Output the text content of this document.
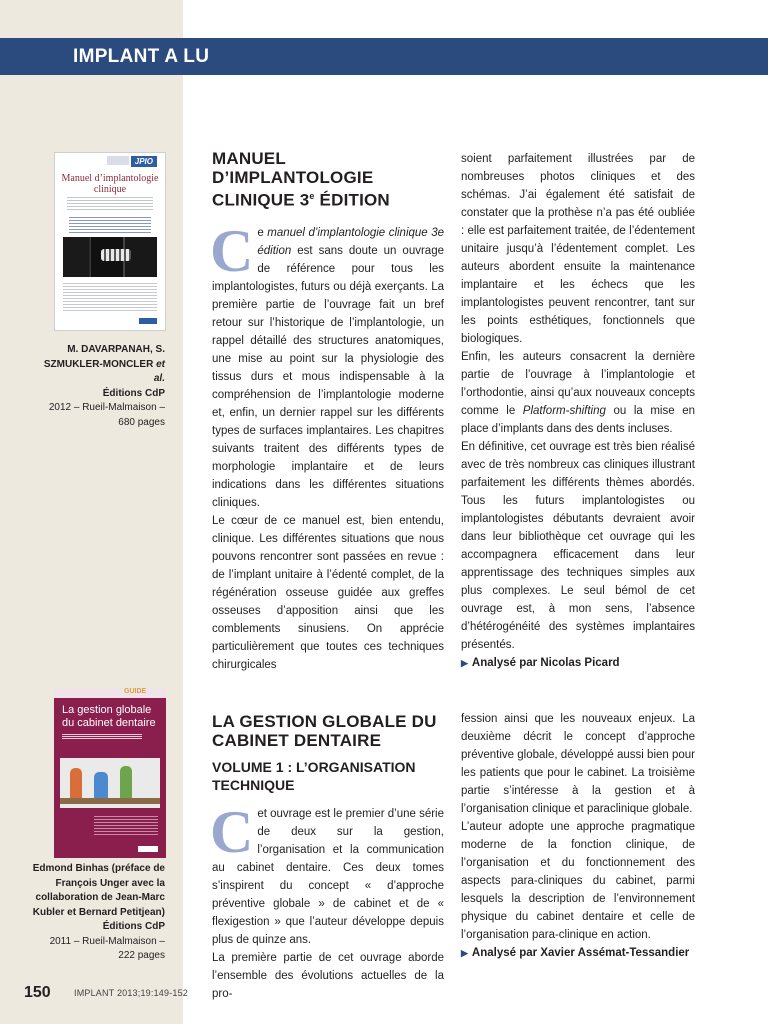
IMPLANT A LU
JPIO
Manuel d’implantologie clinique
M. DAVARPANAH, S.
SZMUKLER-MONCLER et al.
Éditions CdP
2012 – Rueil-Malmaison –
680 pages
MANUEL
D’IMPLANTOLOGIE
CLINIQUE 3e ÉDITION

Ce manuel d’implantologie clinique 3e édition est sans doute un ouvrage de référence pour tous les implantologistes, futurs ou déjà exerçants. La première partie de l’ouvrage fait un bref retour sur l’historique de l’implantologie, un rappel détaillé des structures anatomiques, une mise au point sur la physiologie des tissus durs et mous indispensable à la compréhension de l’implantologie moderne et, enfin, un dernier rappel sur les différents types de surfaces implantaires. Les chapitres suivants traitent des différents types de morphologie implantaire et de leurs indications dans les différentes situations cliniques.

Le cœur de ce manuel est, bien entendu, clinique. Les différentes situations que nous pouvons rencontrer sont passées en revue : de l’implant unitaire à l’édenté complet, de la régénération osseuse guidée aux greffes osseuses d’apposition ainsi que les comblements sinusiens. On apprécie particulièrement que toutes ces techniques chirurgicales

soient parfaitement illustrées par de nombreuses photos cliniques et des schémas. J’ai également été satisfait de constater que la prothèse n’a pas été oubliée : elle est parfaitement traitée, de l’édentement unitaire jusqu’à l’édentement complet. Les auteurs abordent ensuite la maintenance implantaire et les échecs que les implantologistes peuvent rencontrer, tant sur les points esthétiques, fonctionnels que biologiques.

Enfin, les auteurs consacrent la dernière partie de l’ouvrage à l’implantologie et l’orthodontie, ainsi qu’aux nouveaux concepts comme le Platform-shifting ou la mise en place d’implants dans des dents incluses.

En définitive, cet ouvrage est très bien réalisé avec de très nombreux cas cliniques illustrant parfaitement les différents thèmes abordés. Tous les futurs implantologistes ou implantologistes débutants devraient avoir dans leur bibliothèque cet ouvrage qui les accompagnera efficacement dans leur apprentissage des techniques simples aux plus complexes. Le seul bémol de cet ouvrage est, à mon sens, l’absence d’hétérogénéité des systèmes implantaires présentés.

▶ Analysé par Nicolas Picard

GUIDE
La gestion globale du cabinet dentaire
Edmond Binhas (préface de
François Unger avec la
collaboration de Jean-Marc
Kubler et Bernard Petitjean)
Éditions CdP
2011 – Rueil-Malmaison –
222 pages
LA GESTION GLOBALE DU CABINET DENTAIRE
VOLUME 1 : L’ORGANISATION TECHNIQUE

Cet ouvrage est le premier d’une série de deux sur la gestion, l’organisation et la communication au cabinet dentaire. Ces deux tomes s’inspirent du concept « d’approche préventive globale » de cabinet et de « flexigestion » que l’auteur développe depuis plus de quinze ans.

La première partie de cet ouvrage aborde l’ensemble des évolutions actuelles de la pro-

fession ainsi que les nouveaux enjeux. La deuxième décrit le concept d’approche préventive globale, développé aussi bien pour les patients que pour le cabinet. La troisième partie s’intéresse à la gestion et à l’organisation clinique et paraclinique globale.

L’auteur adopte une approche pragmatique moderne de la fonction clinique, de l’organisation et du fonctionnement des aspects para-cliniques du cabinet, parmi lesquels la description de l’environnement physique du cabinet dentaire et celle de l’organisation para-clinique en action.

▶ Analysé par Xavier Assémat-Tessandier

150	IMPLANT 2013;19:149-152
